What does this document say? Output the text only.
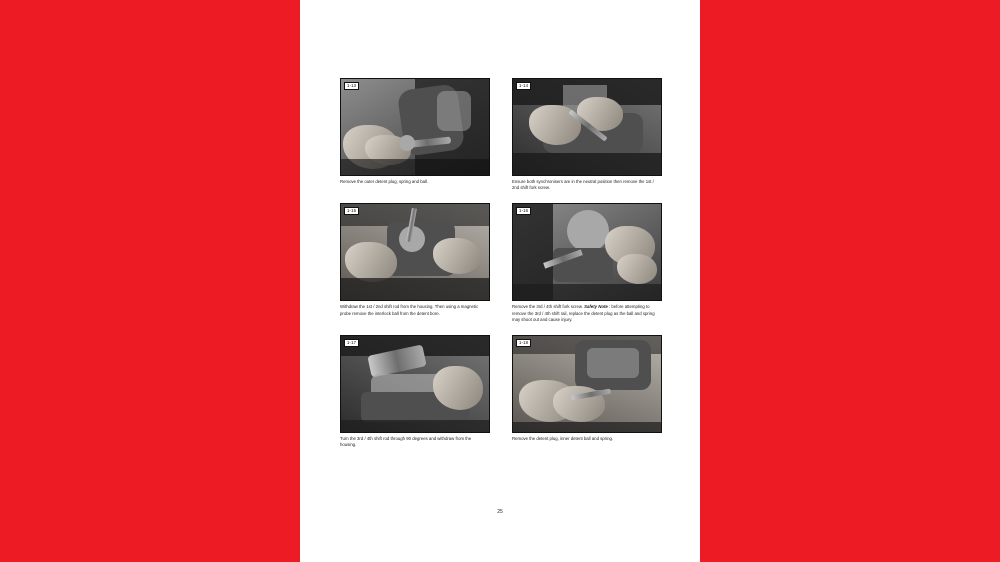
1-13
Remove the outer detent plug, spring and ball.
1-14
Ensure both synchronisers are in the neutral position then remove the 1st / 2nd shift fork screw.
1-15
Withdraw the 1st / 2nd shift rod from the housing. Then using a magnetic probe remove the interlock ball from the detent bore.
1-16
Remove the 3rd / 4th shift fork screw. Safety Note : before attempting to remove the 3rd / 4th shift rail, replace the detent plug as the ball and spring may shoot out and cause injury.
1-17
Turn the 3rd / 4th shift rod through 90 degrees and withdraw from the housing.
1-18
Remove the detent plug, inner detent ball and spring.
25
